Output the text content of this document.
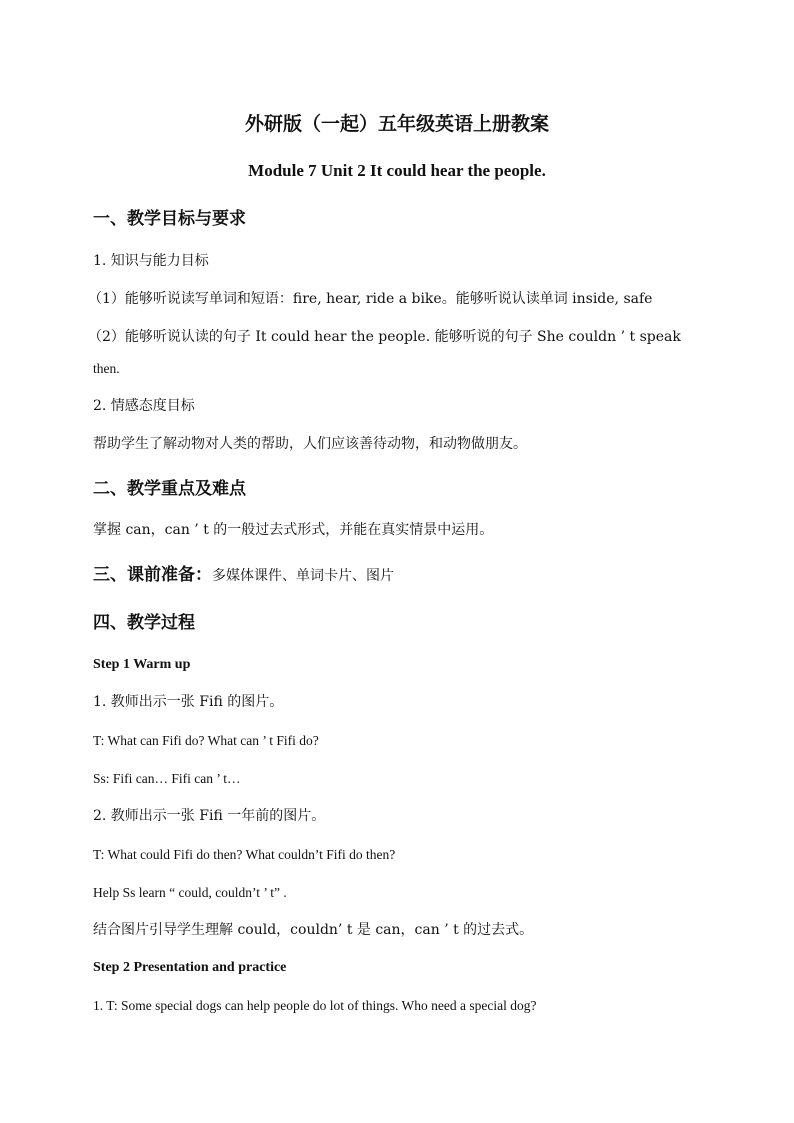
外研版（一起）五年级英语上册教案
Module 7 Unit 2 It could hear the people.
一、教学目标与要求
1. 知识与能力目标
（1）能够听说读写单词和短语：fire, hear, ride a bike。能够听说认读单词 inside, safe
（2）能够听说认读的句子 It could hear the people. 能够听说的句子 She couldn ’ t speak
then.
2. 情感态度目标
帮助学生了解动物对人类的帮助，人们应该善待动物，和动物做朋友。
二、教学重点及难点
掌握 can，can ’ t 的一般过去式形式，并能在真实情景中运用。
三、课前准备：多媒体课件、单词卡片、图片
四、教学过程
Step 1 Warm up
1. 教师出示一张 Fifi 的图片。
T: What can Fifi do? What can ’ t Fifi do?
Ss: Fifi can… Fifi can ’ t…
2. 教师出示一张 Fifi 一年前的图片。
T: What could Fifi do then? What couldn’t Fifi do then?
Help Ss learn “ could, couldn’t ’ t” .
结合图片引导学生理解 could，couldn’ t 是 can，can ’ t 的过去式。
Step 2 Presentation and practice
1. T: Some special dogs can help people do lot of things. Who need a special dog?
